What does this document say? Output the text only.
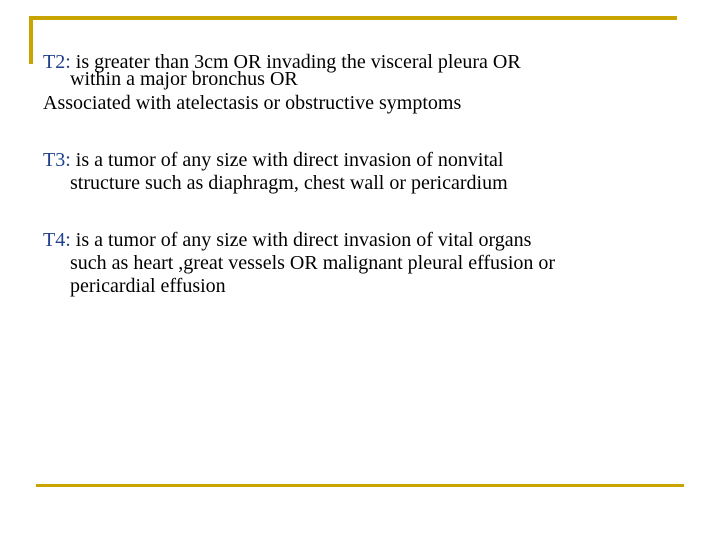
T2: is greater than 3cm OR invading the visceral pleura OR
within a major bronchus OR
Associated with atelectasis or obstructive symptoms
T3: is a tumor of any size with direct invasion of nonvital
structure such as diaphragm, chest wall or pericardium
T4: is a tumor of any size with direct invasion of vital organs
such as heart ,great vessels OR malignant pleural effusion or
pericardial effusion
